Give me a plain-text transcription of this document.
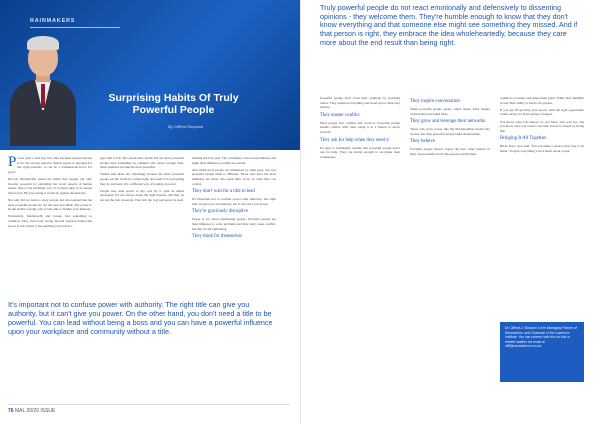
RAINMAKERS
Surprising Habits Of Truly Powerful People
By Clifford Simpson

Power gets a bad rap, but only because people pursue it for the wrong reasons. When power is pursued for the right reasons, it can be a tremendous force for good.

Niccolo Machiavelli spend the belief that people can only become powerful by exploiting the worst aspects of human nature. One of his teachings was, 'It is much safer to be feared than loved.' He was saying it would be against his interests.

Not only did we learn to obey people, but also learned that the most powerful people are not the ones you think. The power to be the ability to judge who is best able to further your interests.

Fortunately, Machiavelli and Cesare had something in common. They were both wrong. Recent research found that power is not related to the qualities you'd expect.

gaps that it felt. The researchers found that the most powerful people have something in common and, given enough time, these qualities become the most powerful.

Studies like these are refreshing because the most powerful people see the world in a better light, and study it in everything they do and learn. It's a different way of looking at power.

People who seek power at any cost try to gain an unfair advantage. It's not always about the right reasons, and they do not see the best in people. That isn't the way real power is used.

missing the best part. The confidence and resourcefulness that make their influence possible are earned.

And while most people are influenced by their gaze, the way powerful people think is different. Those who have the most influence are those who keep their focus on what they can control.

They don't wait for a title to lead

It's important not to confuse power with authority. The right title can give you an authority, but it can't give you power.

They're graciously disruptive

Power is not about dominating people. Powerful people use their influence to solve problems and they don't cause conflict, but they do the right thing.

They think for themselves
It's important not to confuse power with authority. The right title can give you authority, but it can't give you power. On the other hand, you don't need a title to be powerful. You can lead without being a boss and you can have a powerful influence upon your workplace and community without a title.
76 MAL 20/20 ISSUE
Truly powerful people do not react emotionally and defensively to dissenting opinions - they welcome them. They're humble enough to know that they don't know everything and that someone else might see something they missed. And if that person is right, they embrace the idea wholeheartedly, because they care more about the end result than being right.

Powerful people don't form their opinions by watching others. They question everything and stand up for what they believe.

They master conflict

Most people fear conflict and avoid it. Powerful people handle conflict with calm, using it as a chance to move forward.

They ask for help when they need it

It's easy to mistakenly assume that powerful people never ask for help. They are strong enough to recognise their weaknesses.

They inspire conversation

When powerful people speak, others listen. They inspire conversation and build ideas.

They grow and leverage their networks

Those who grow power like the Machiavellian model rely on fear, but truly powerful people build relationships.

They believe

Powerful people always expect the best. They believe in their own potential and in the people around them.

common occasions and make them great. While their humility is real, their ability to lead is far greater.

If you get off growing your power, until the right opportunity comes along, it's never going to happen.

You know what you believe in, you know who you are, and you know what you want to become. Power is earned by living this.

Bringing It All Together

Brian Tracy once said, 'You can make a choice every day to be better.' Forgive everything you've heard about power.

Dr Clifford J. Simpson is the Managing Partner of Rainmakers, and Chairman of the Lawrence Institute. You can connect with him on this or related matters via email at cliff@rainmakers.com.au.
